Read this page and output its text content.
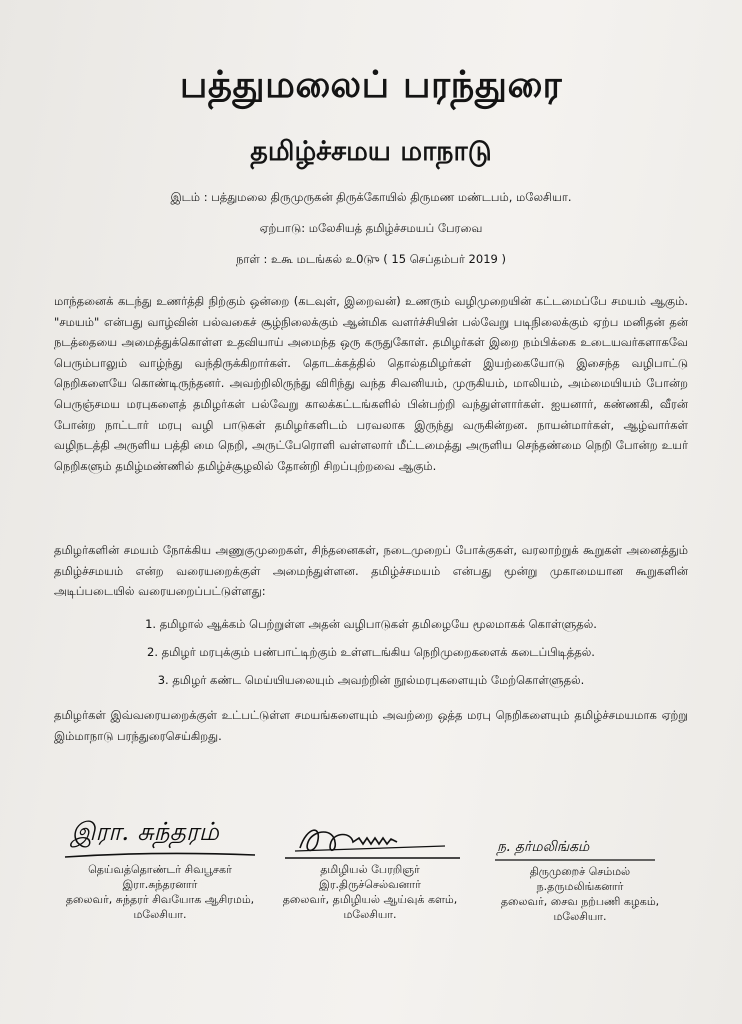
பத்துமலைப் பரந்துரை
தமிழ்ச்சமய மாநாடு
இடம் : பத்துமலை திருமுருகன் திருக்கோயில் திருமண மண்டபம், மலேசியா.
ஏற்பாடு: மலேசியத் தமிழ்ச்சமயப் பேரவை
நாள் : உகூ மடங்கல் உ0டுு ( 15 செப்தம்பர் 2019 )

மாந்தனைக் கடந்து உணர்த்தி நிற்கும் ஒன்றை (கடவுள், இறைவன்) உணரும் வழிமுறையின் கட்டமைப்பே சமயம் ஆகும். "சமயம்" என்பது வாழ்வின் பல்வகைச் சூழ்நிலைக்கும் ஆன்மிக வளர்ச்சியின் பல்வேறு படிநிலைக்கும் ஏற்ப மனிதன் தன் நடத்தையை அமைத்துக்கொள்ள உதவியாய் அமைந்த ஒரு கருதுகோள். தமிழர்கள் இறை நம்பிக்கை உடையவர்களாகவே பெரும்பாலும் வாழ்ந்து வந்திருக்கிறார்கள். தொடக்கத்தில் தொல்தமிழர்கள் இயற்கையோடு இசைந்த வழிபாட்டு நெறிகளையே கொண்டிருந்தனர். அவற்றிலிருந்து விரிந்து வந்த சிவனியம், முருகியம், மாலியம், அம்மையியம் போன்ற பெருஞ்சமய மரபுகளைத் தமிழர்கள் பல்வேறு காலக்கட்டங்களில் பின்பற்றி வந்துள்ளார்கள். ஐயனார், கண்ணகி, வீரன் போன்ற நாட்டார் மரபு வழி பாடுகள் தமிழர்களிடம் பரவலாக இருந்து வருகின்றன. நாயன்மார்கள், ஆழ்வார்கள் வழிநடத்தி அருளிய பத்தி மை நெறி, அருட்பேரொளி வள்ளலார் மீட்டமைத்து அருளிய செந்தண்மை நெறி போன்ற உயர் நெறிகளும் தமிழ்மண்ணில் தமிழ்ச்சூழலில் தோன்றி சிறப்புற்றவை ஆகும்.

தமிழர்களின் சமயம் நோக்கிய அணுகுமுறைகள், சிந்தனைகள், நடைமுறைப் போக்குகள், வரலாற்றுக் கூறுகள் அனைத்தும் தமிழ்ச்சமயம் என்ற வரையறைக்குள் அமைந்துள்ளன. தமிழ்ச்சமயம் என்பது மூன்று முகாமையான கூறுகளின் அடிப்படையில் வரையறைப்பட்டுள்ளது:

1. தமிழால் ஆக்கம் பெற்றுள்ள அதன் வழிபாடுகள் தமிழையே மூலமாகக் கொள்ளுதல்.
2. தமிழர் மரபுக்கும் பண்பாட்டிற்கும் உள்ளடங்கிய நெறிமுறைகளைக் கடைப்பிடித்தல்.
3. தமிழர் கண்ட மெய்யியலையும் அவற்றின் நூல்மரபுகளையும் மேற்கொள்ளுதல்.

தமிழர்கள் இவ்வரையறைக்குள் உட்பட்டுள்ள சமயங்களையும் அவற்றை ஒத்த மரபு நெறிகளையும் தமிழ்ச்சமயமாக ஏற்று இம்மாநாடு பரந்துரைசெய்கிறது.

இரா. சுந்தரம்
தெய்வத்தொண்டர் சிவபூசகர்
இரா.சுந்தரனார்
தலைவர், சுந்தரர் சிவயோக ஆசிரமம்,
மலேசியா.
தமிழியல் பேரறிஞர்
இர.திருச்செல்வனார்
தலைவர், தமிழியல் ஆய்வுக் களம்,
மலேசியா.
ந. தர்மலிங்கம்
திருமுறைச் செம்மல்
ந.தருமலிங்கனார்
தலைவர், சைவ நற்பணி கழகம்,
மலேசியா.
